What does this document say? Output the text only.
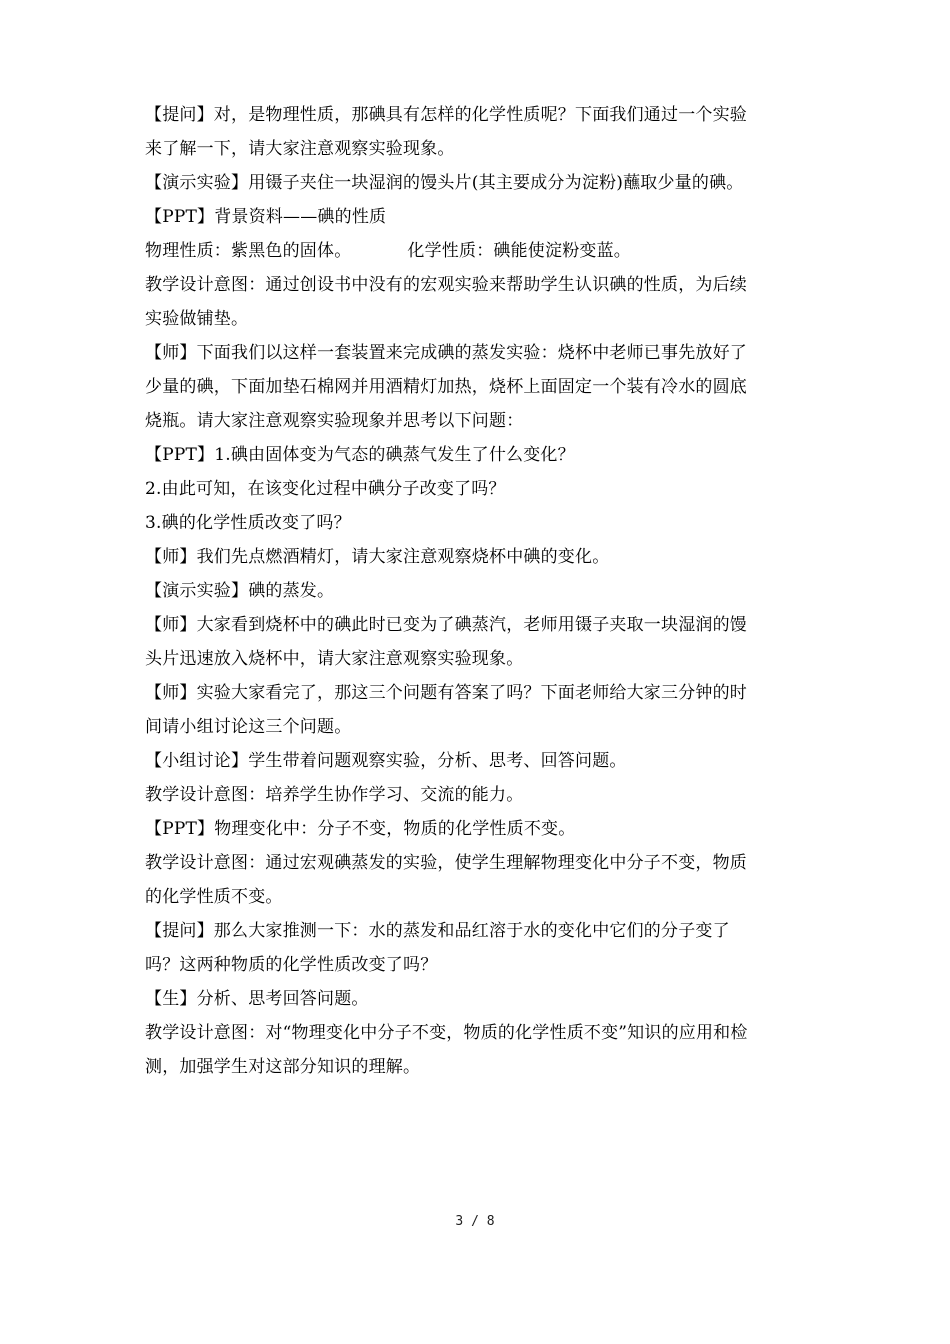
【提问】对，是物理性质，那碘具有怎样的化学性质呢？下面我们通过一个实验
来了解一下，请大家注意观察实验现象。
【演示实验】用镊子夹住一块湿润的馒头片(其主要成分为淀粉)蘸取少量的碘。
【PPT】背景资料——碘的性质
物理性质：紫黑色的固体。	化学性质：碘能使淀粉变蓝。
教学设计意图：通过创设书中没有的宏观实验来帮助学生认识碘的性质，为后续
实验做铺垫。
【师】下面我们以这样一套装置来完成碘的蒸发实验：烧杯中老师已事先放好了
少量的碘，下面加垫石棉网并用酒精灯加热，烧杯上面固定一个装有冷水的圆底
烧瓶。请大家注意观察实验现象并思考以下问题：
【PPT】1.碘由固体变为气态的碘蒸气发生了什么变化？
2.由此可知，在该变化过程中碘分子改变了吗？
3.碘的化学性质改变了吗？
【师】我们先点燃酒精灯，请大家注意观察烧杯中碘的变化。
【演示实验】碘的蒸发。
【师】大家看到烧杯中的碘此时已变为了碘蒸汽，老师用镊子夹取一块湿润的馒
头片迅速放入烧杯中，请大家注意观察实验现象。
【师】实验大家看完了，那这三个问题有答案了吗？下面老师给大家三分钟的时
间请小组讨论这三个问题。
【小组讨论】学生带着问题观察实验，分析、思考、回答问题。
教学设计意图：培养学生协作学习、交流的能力。
【PPT】物理变化中：分子不变，物质的化学性质不变。
教学设计意图：通过宏观碘蒸发的实验，使学生理解物理变化中分子不变，物质
的化学性质不变。
【提问】那么大家推测一下：水的蒸发和品红溶于水的变化中它们的分子变了
吗？这两种物质的化学性质改变了吗？
【生】分析、思考回答问题。
教学设计意图：对“物理变化中分子不变，物质的化学性质不变”知识的应用和检
测，加强学生对这部分知识的理解。
3 / 8
